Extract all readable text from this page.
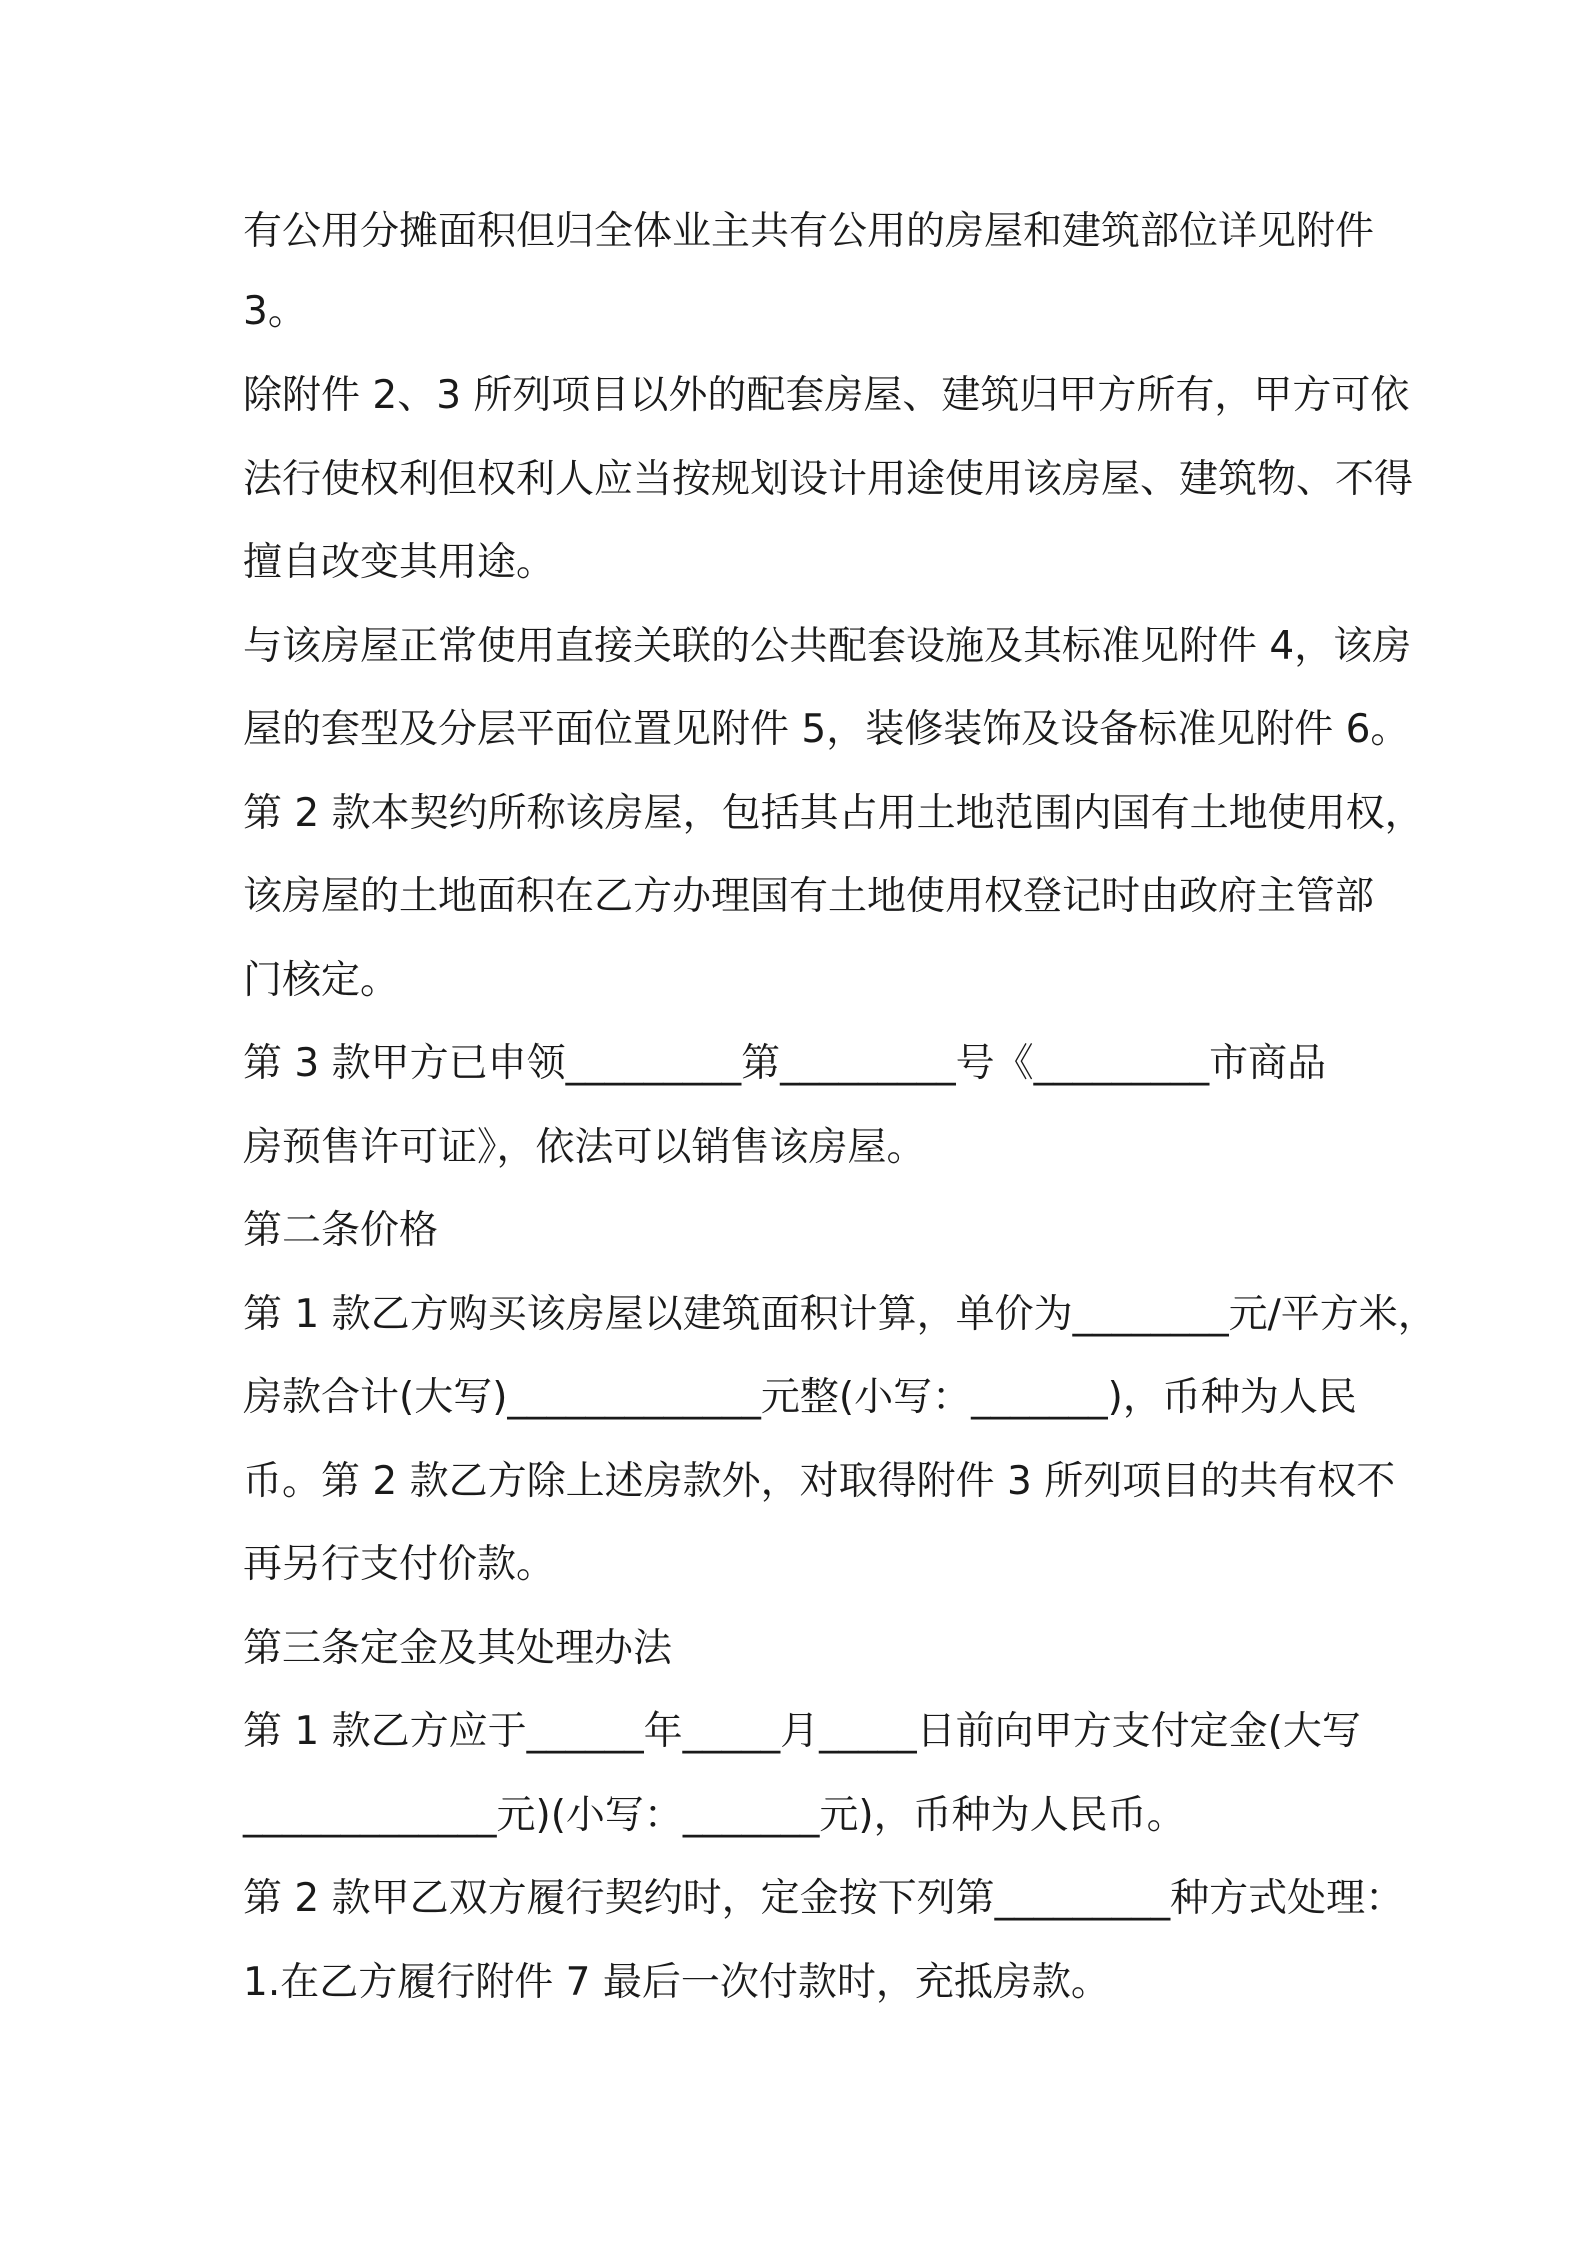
有公用分摊面积但归全体业主共有公用的房屋和建筑部位详见附件
3。
除附件 2、3 所列项目以外的配套房屋、建筑归甲方所有，甲方可依
法行使权利但权利人应当按规划设计用途使用该房屋、建筑物、不得
擅自改变其用途。
与该房屋正常使用直接关联的公共配套设施及其标准见附件 4，该房
屋的套型及分层平面位置见附件 5，装修装饰及设备标准见附件 6。
第 2 款本契约所称该房屋，包括其占用土地范围内国有土地使用权，
该房屋的土地面积在乙方办理国有土地使用权登记时由政府主管部
门核定。
第 3 款甲方已申领_________第_________号《_________市商品
房预售许可证》，依法可以销售该房屋。
第二条价格
第 1 款乙方购买该房屋以建筑面积计算，单价为________元/平方米，
房款合计(大写)_____________元整(小写：_______)，币种为人民
币。第 2 款乙方除上述房款外，对取得附件 3 所列项目的共有权不
再另行支付价款。
第三条定金及其处理办法
第 1 款乙方应于______年_____月_____日前向甲方支付定金(大写
_____________元)(小写：_______元)，币种为人民币。
第 2 款甲乙双方履行契约时，定金按下列第_________种方式处理：
1.在乙方履行附件 7 最后一次付款时，充抵房款。
